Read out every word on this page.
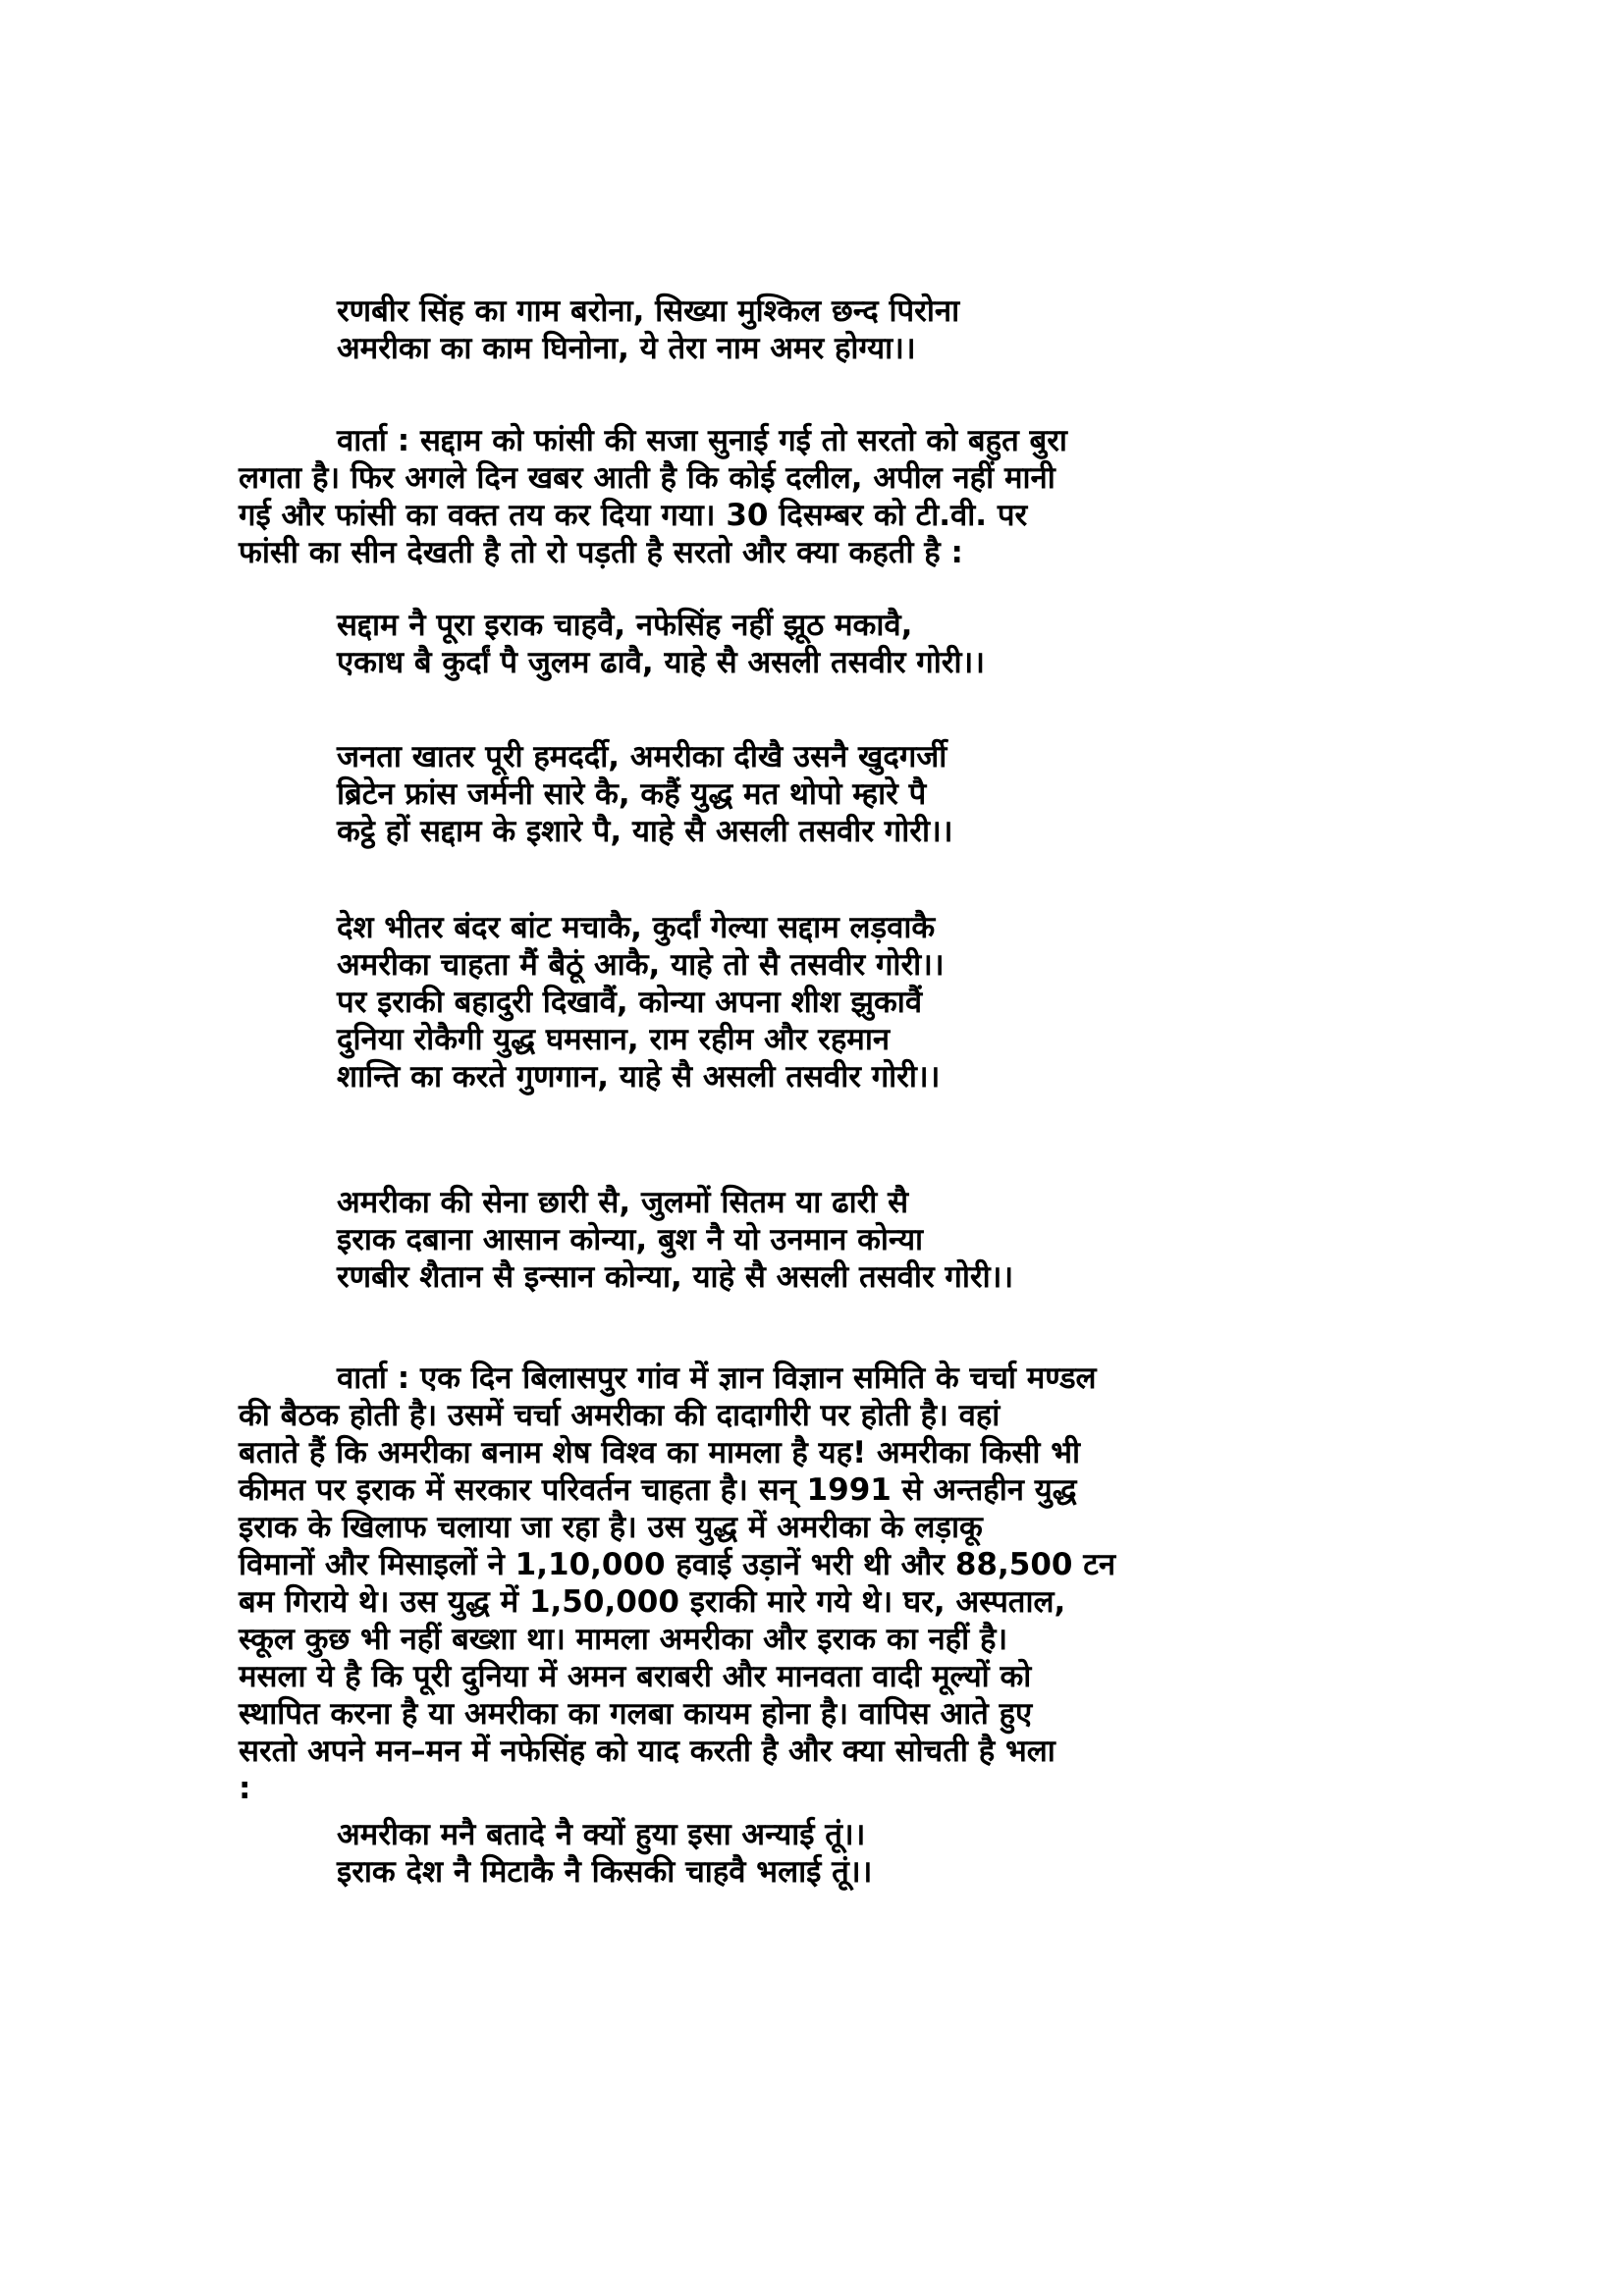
रणबीर सिंह का गाम बरोना, सिख्या मुश्किल छन्द पिरोना
अमरीका का काम घिनोना, ये तेरा नाम अमर होग्या।।
वार्ता : सद्दाम को फांसी की सजा सुनाई गई तो सरतो को बहुत बुरा
लगता है। फिर अगले दिन खबर आती है कि कोई दलील, अपील नहीं मानी
गई और फांसी का वक्त तय कर दिया गया। 30 दिसम्बर को टी.वी. पर
फांसी का सीन देखती है तो रो पड़ती है सरतो और क्या कहती है :
सद्दाम नै पूरा इराक चाहवै, नफेसिंह नहीं झूठ मकावै,
एकाध बै कुर्दां पै जुलम ढावै, याहे सै असली तसवीर गोरी।।
जनता खातर पूरी हमदर्दी, अमरीका दीखै उसनै खुदगर्जी
ब्रिटेन फ्रांस जर्मनी सारे कै, कहैं युद्ध मत थोपो म्हारे पै
कट्ठे हों सद्दाम के इशारे पै, याहे सै असली तसवीर गोरी।।
देश भीतर बंदर बांट मचाकै, कुर्दां गेल्या सद्दाम लड़वाकै
अमरीका चाहता मैं बैठूं आकै, याहे तो सै तसवीर गोरी।।
पर इराकी बहादुरी दिखावैं, कोन्या अपना शीश झुकावैं
दुनिया रोकैगी युद्ध घमसान, राम रहीम और रहमान
शान्ति का करते गुणगान, याहे सै असली तसवीर गोरी।।
अमरीका की सेना छारी सै, जुलमों सितम या ढारी सै
इराक दबाना आसान कोन्या, बुश नै यो उनमान कोन्या
रणबीर शैतान सै इन्सान कोन्या, याहे सै असली तसवीर गोरी।।
वार्ता : एक दिन बिलासपुर गांव में ज्ञान विज्ञान समिति के चर्चा मण्डल
की बैठक होती है। उसमें चर्चा अमरीका की दादागीरी पर होती है। वहां
बताते हैं कि अमरीका बनाम शेष विश्व का मामला है यह! अमरीका किसी भी
कीमत पर इराक में सरकार परिवर्तन चाहता है। सन् 1991 से अन्तहीन युद्ध
इराक के खिलाफ चलाया जा रहा है। उस युद्ध में अमरीका के लड़ाकू
विमानों और मिसाइलों ने 1,10,000 हवाई उड़ानें भरी थी और 88,500 टन
बम गिराये थे। उस युद्ध में 1,50,000 इराकी मारे गये थे। घर, अस्पताल,
स्कूल कुछ भी नहीं बख्शा था। मामला अमरीका और इराक का नहीं है।
मसला ये है कि पूरी दुनिया में अमन बराबरी और मानवता वादी मूल्यों को
स्थापित करना है या अमरीका का गलबा कायम होना है। वापिस आते हुए
सरतो अपने मन–मन में नफेसिंह को याद करती है और क्या सोचती है भला
:
अमरीका मनै बतादे नै क्यों हुया इसा अन्याई तूं।।
इराक देश नै मिटाकै नै किसकी चाहवै भलाई तूं।।
